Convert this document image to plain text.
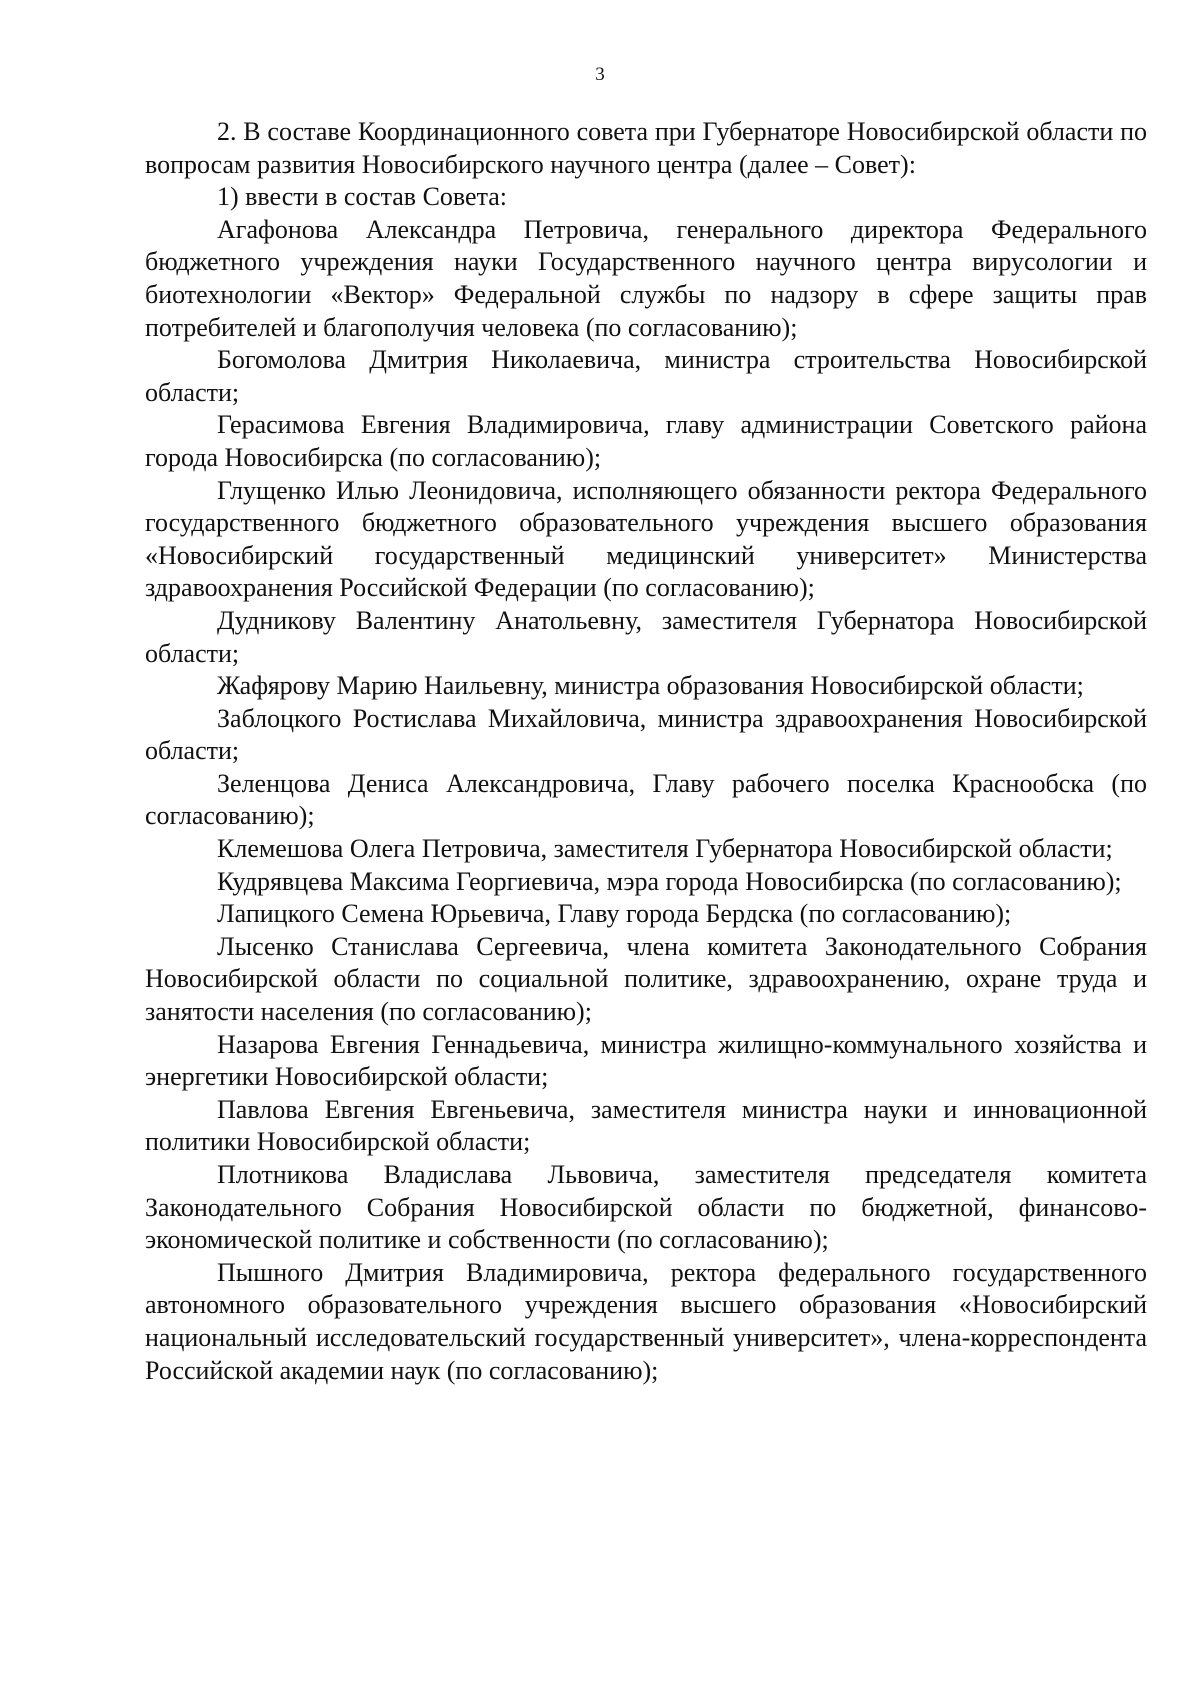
3

2. В составе Координационного совета при Губернаторе Новосибирской области по вопросам развития Новосибирского научного центра (далее – Совет):

1) ввести в состав Совета:

Агафонова Александра Петровича, генерального директора Федерального бюджетного учреждения науки Государственного научного центра вирусологии и биотехнологии «Вектор» Федеральной службы по надзору в сфере защиты прав потребителей и благополучия человека (по согласованию);

Богомолова Дмитрия Николаевича, министра строительства Новосибирской области;

Герасимова Евгения Владимировича, главу администрации Советского района города Новосибирска (по согласованию);

Глущенко Илью Леонидовича, исполняющего обязанности ректора Федерального государственного бюджетного образовательного учреждения высшего образования «Новосибирский государственный медицинский университет» Министерства здравоохранения Российской Федерации (по согласованию);

Дудникову Валентину Анатольевну, заместителя Губернатора Новосибирской области;

Жафярову Марию Наильевну, министра образования Новосибирской области;

Заблоцкого Ростислава Михайловича, министра здравоохранения Новосибирской области;

Зеленцова Дениса Александровича, Главу рабочего поселка Краснообска (по согласованию);

Клемешова Олега Петровича, заместителя Губернатора Новосибирской области;

Кудрявцева Максима Георгиевича, мэра города Новосибирска (по согласованию);

Лапицкого Семена Юрьевича, Главу города Бердска (по согласованию);

Лысенко Станислава Сергеевича, члена комитета Законодательного Собрания Новосибирской области по социальной политике, здравоохранению, охране труда и занятости населения (по согласованию);

Назарова Евгения Геннадьевича, министра жилищно-коммунального хозяйства и энергетики Новосибирской области;

Павлова Евгения Евгеньевича, заместителя министра науки и инновационной политики Новосибирской области;

Плотникова Владислава Львовича, заместителя председателя комитета Законодательного Собрания Новосибирской области по бюджетной, финансово-экономической политике и собственности (по согласованию);

Пышного Дмитрия Владимировича, ректора федерального государственного автономного образовательного учреждения высшего образования «Новосибирский национальный исследовательский государственный университет», члена-корреспондента Российской академии наук (по согласованию);
